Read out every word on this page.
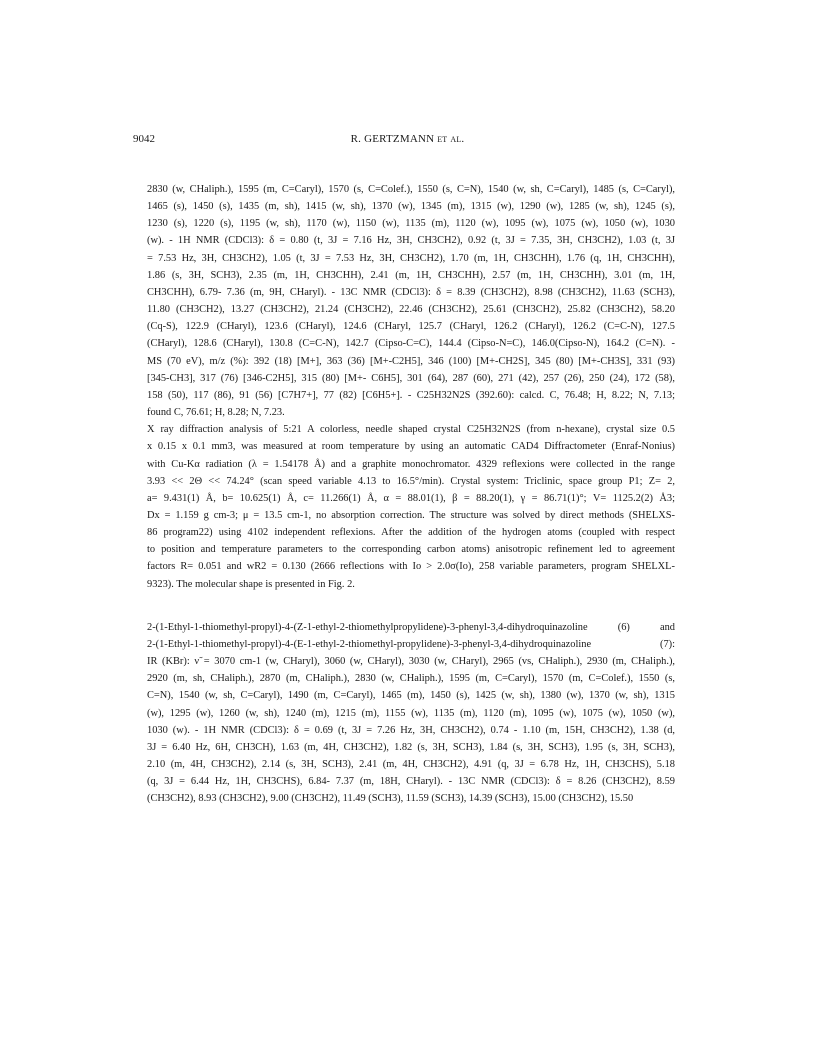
9042	R. GERTZMANN et al.

2830 (w, CHaliph.), 1595 (m, C=Caryl), 1570 (s, C=Colef.), 1550 (s, C=N), 1540 (w, sh, C=Caryl), 1485 (s, C=Caryl),
1465 (s), 1450 (s), 1435 (m, sh), 1415 (w, sh), 1370 (w), 1345 (m), 1315 (w), 1290 (w), 1285 (w, sh), 1245 (s),
1230 (s), 1220 (s), 1195 (w, sh), 1170 (w), 1150 (w), 1135 (m), 1120 (w), 1095 (w), 1075 (w), 1050 (w), 1030
(w). - 1H NMR (CDCl3): δ = 0.80 (t, 3J = 7.16 Hz, 3H, CH3CH2), 0.92 (t, 3J = 7.35, 3H, CH3CH2), 1.03 (t, 3J
= 7.53 Hz, 3H, CH3CH2), 1.05 (t, 3J = 7.53 Hz, 3H, CH3CH2), 1.70 (m, 1H, CH3CHH), 1.76 (q, 1H, CH3CHH),
1.86 (s, 3H, SCH3), 2.35 (m, 1H, CH3CHH), 2.41 (m, 1H, CH3CHH), 2.57 (m, 1H, CH3CHH), 3.01 (m, 1H,
CH3CHH), 6.79- 7.36 (m, 9H, CHaryl). - 13C NMR (CDCl3): δ = 8.39 (CH3CH2), 8.98 (CH3CH2), 11.63 (SCH3),
11.80 (CH3CH2), 13.27 (CH3CH2), 21.24 (CH3CH2), 22.46 (CH3CH2), 25.61 (CH3CH2), 25.82 (CH3CH2), 58.20
(Cq-S), 122.9 (CHaryl), 123.6 (CHaryl), 124.6 (CHaryl, 125.7 (CHaryl, 126.2 (CHaryl), 126.2 (C=C-N), 127.5
(CHaryl), 128.6 (CHaryl), 130.8 (C=C-N), 142.7 (Cipso-C=C), 144.4 (Cipso-N=C), 146.0(Cipso-N), 164.2 (C=N). -
MS (70 eV), m/z (%): 392 (18) [M+], 363 (36) [M+-C2H5], 346 (100) [M+-CH2S], 345 (80) [M+-CH3S], 331 (93)
[345-CH3], 317 (76) [346-C2H5], 315 (80) [M+- C6H5], 301 (64), 287 (60), 271 (42), 257 (26), 250 (24), 172 (58),
158 (50), 117 (86), 91 (56) [C7H7+], 77 (82) [C6H5+]. - C25H32N2S (392.60): calcd. C, 76.48; H, 8.22; N, 7.13;
found C, 76.61; H, 8.28; N, 7.23.

X ray diffraction analysis of 5:21 A colorless, needle shaped crystal C25H32N2S (from n-hexane), crystal size 0.5
x 0.15 x 0.1 mm3, was measured at room temperature by using an automatic CAD4 Diffractometer (Enraf-Nonius)
with Cu-Kα radiation (λ = 1.54178 Å) and a graphite monochromator. 4329 reflexions were collected in the range
3.93 << 2Θ << 74.24° (scan speed variable 4.13 to 16.5°/min). Crystal system: Triclinic, space group P1; Z= 2,
a= 9.431(1) Å, b= 10.625(1) Å, c= 11.266(1) Å, α = 88.01(1), β = 88.20(1), γ = 86.71(1)°; V= 1125.2(2) Å3;
Dx = 1.159 g cm-3; μ = 13.5 cm-1, no absorption correction. The structure was solved by direct methods (SHELXS-
86 program22) using 4102 independent reflexions. After the addition of the hydrogen atoms (coupled with respect
to position and temperature parameters to the corresponding carbon atoms) anisotropic refinement led to agreement
factors R= 0.051 and wR2 = 0.130 (2666 reflections with Io > 2.0σ(Io), 258 variable parameters, program SHELXL-
9323). The molecular shape is presented in Fig. 2.

2-(1-Ethyl-1-thiomethyl-propyl)-4-(Z-1-ethyl-2-thiomethylpropylidene)-3-phenyl-3,4-dihydroquinazoline (6) and
2-(1-Ethyl-1-thiomethyl-propyl)-4-(E-1-ethyl-2-thiomethyl-propylidene)-3-phenyl-3,4-dihydroquinazoline (7):
IR (KBr): ν̃ = 3070 cm-1 (w, CHaryl), 3060 (w, CHaryl), 3030 (w, CHaryl), 2965 (vs, CHaliph.), 2930 (m, CHaliph.),
2920 (m, sh, CHaliph.), 2870 (m, CHaliph.), 2830 (w, CHaliph.), 1595 (m, C=Caryl), 1570 (m, C=Colef.), 1550 (s,
C=N), 1540 (w, sh, C=Caryl), 1490 (m, C=Caryl), 1465 (m), 1450 (s), 1425 (w, sh), 1380 (w), 1370 (w, sh), 1315
(w), 1295 (w), 1260 (w, sh), 1240 (m), 1215 (m), 1155 (w), 1135 (m), 1120 (m), 1095 (w), 1075 (w), 1050 (w),
1030 (w). - 1H NMR (CDCl3): δ = 0.69 (t, 3J = 7.26 Hz, 3H, CH3CH2), 0.74 - 1.10 (m, 15H, CH3CH2), 1.38 (d,
3J = 6.40 Hz, 6H, CH3CH), 1.63 (m, 4H, CH3CH2), 1.82 (s, 3H, SCH3), 1.84 (s, 3H, SCH3), 1.95 (s, 3H, SCH3),
2.10 (m, 4H, CH3CH2), 2.14 (s, 3H, SCH3), 2.41 (m, 4H, CH3CH2), 4.91 (q, 3J = 6.78 Hz, 1H, CH3CHS), 5.18
(q, 3J = 6.44 Hz, 1H, CH3CHS), 6.84- 7.37 (m, 18H, CHaryl). - 13C NMR (CDCl3): δ = 8.26 (CH3CH2), 8.59
(CH3CH2), 8.93 (CH3CH2), 9.00 (CH3CH2), 11.49 (SCH3), 11.59 (SCH3), 14.39 (SCH3), 15.00 (CH3CH2), 15.50
